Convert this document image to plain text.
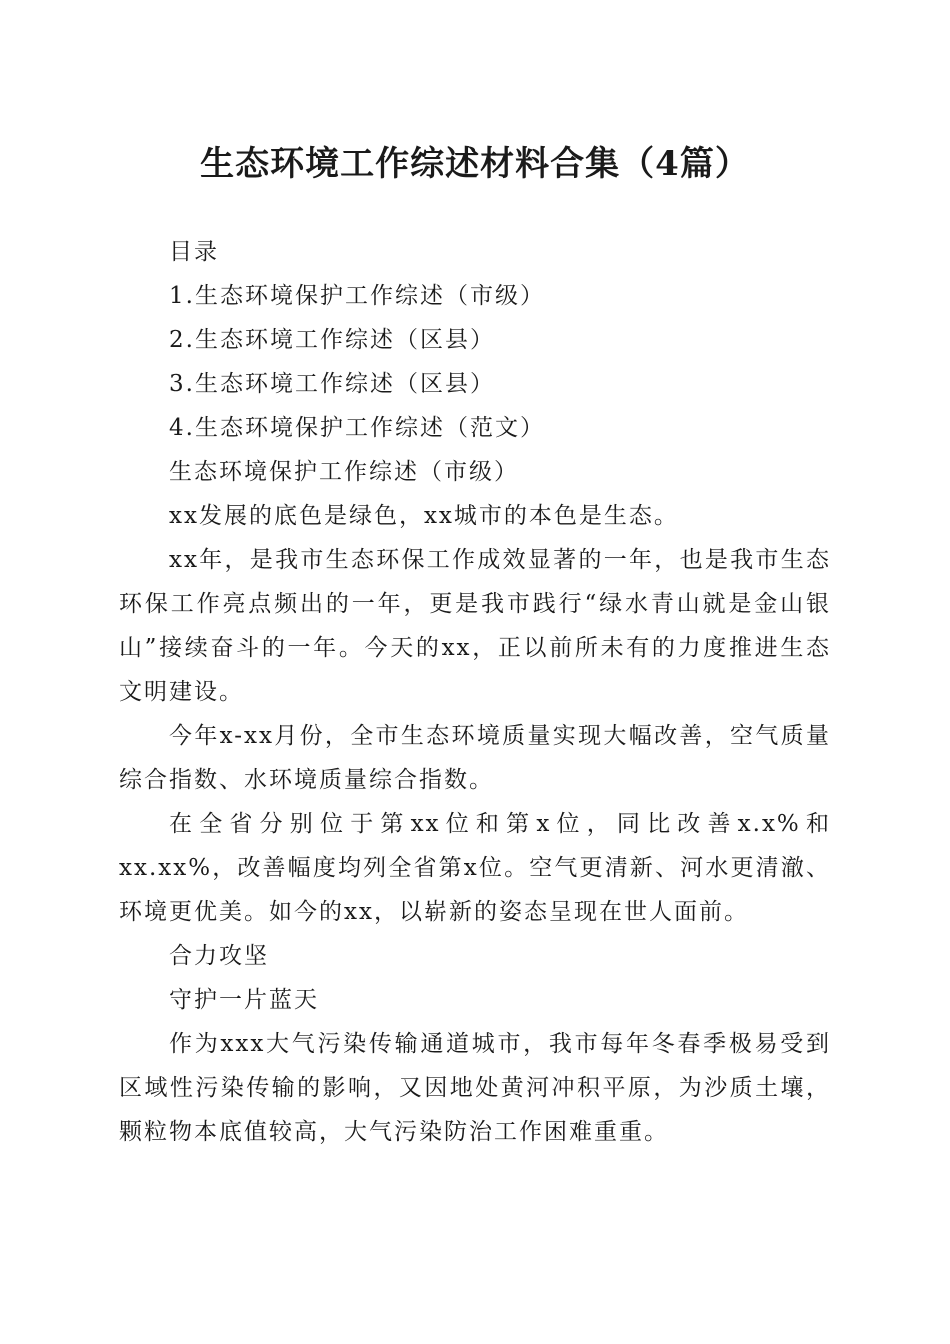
生态环境工作综述材料合集（4篇）
目录
1.生态环境保护工作综述（市级）
2.生态环境工作综述（区县）
3.生态环境工作综述（区县）
4.生态环境保护工作综述（范文）
生态环境保护工作综述（市级）
xx发展的底色是绿色，xx城市的本色是生态。
xx年，是我市生态环保工作成效显著的一年，也是我市生态环保工作亮点频出的一年，更是我市践行“绿水青山就是金山银山”接续奋斗的一年。今天的xx，正以前所未有的力度推进生态文明建设。
今年x-xx月份，全市生态环境质量实现大幅改善，空气质量综合指数、水环境质量综合指数。
在全省分别位于第xx位和第x位，同比改善x.x%和xx.xx%，改善幅度均列全省第x位。空气更清新、河水更清澈、环境更优美。如今的xx，以崭新的姿态呈现在世人面前。
合力攻坚
守护一片蓝天
作为xxx大气污染传输通道城市，我市每年冬春季极易受到区域性污染传输的影响，又因地处黄河冲积平原，为沙质土壤，颗粒物本底值较高，大气污染防治工作困难重重。
